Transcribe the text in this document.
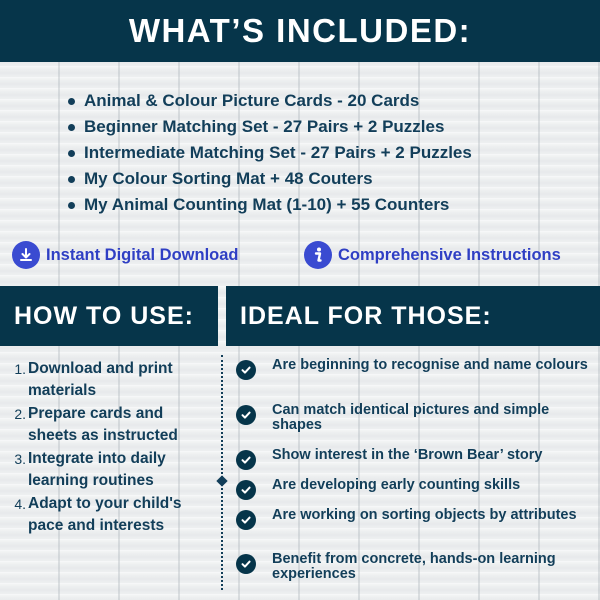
WHAT’S INCLUDED:
Animal & Colour Picture Cards - 20 Cards
Beginner Matching Set - 27 Pairs + 2 Puzzles
Intermediate Matching Set - 27 Pairs + 2 Puzzles
My Colour Sorting Mat + 48 Couters
My Animal Counting Mat (1-10) + 55 Counters
Instant Digital Download	Comprehensive Instructions
HOW TO USE: IDEAL FOR THOSE:
1. Download and print materials
2. Prepare cards and sheets as instructed
3. Integrate into daily learning routines
4. Adapt to your child's pace and interests
Are beginning to recognise and name colours
Can match identical pictures and simple shapes
Show interest in the ‘Brown Bear’ story
Are developing early counting skills
Are working on sorting objects by attributes
Benefit from concrete, hands-on learning experiences
